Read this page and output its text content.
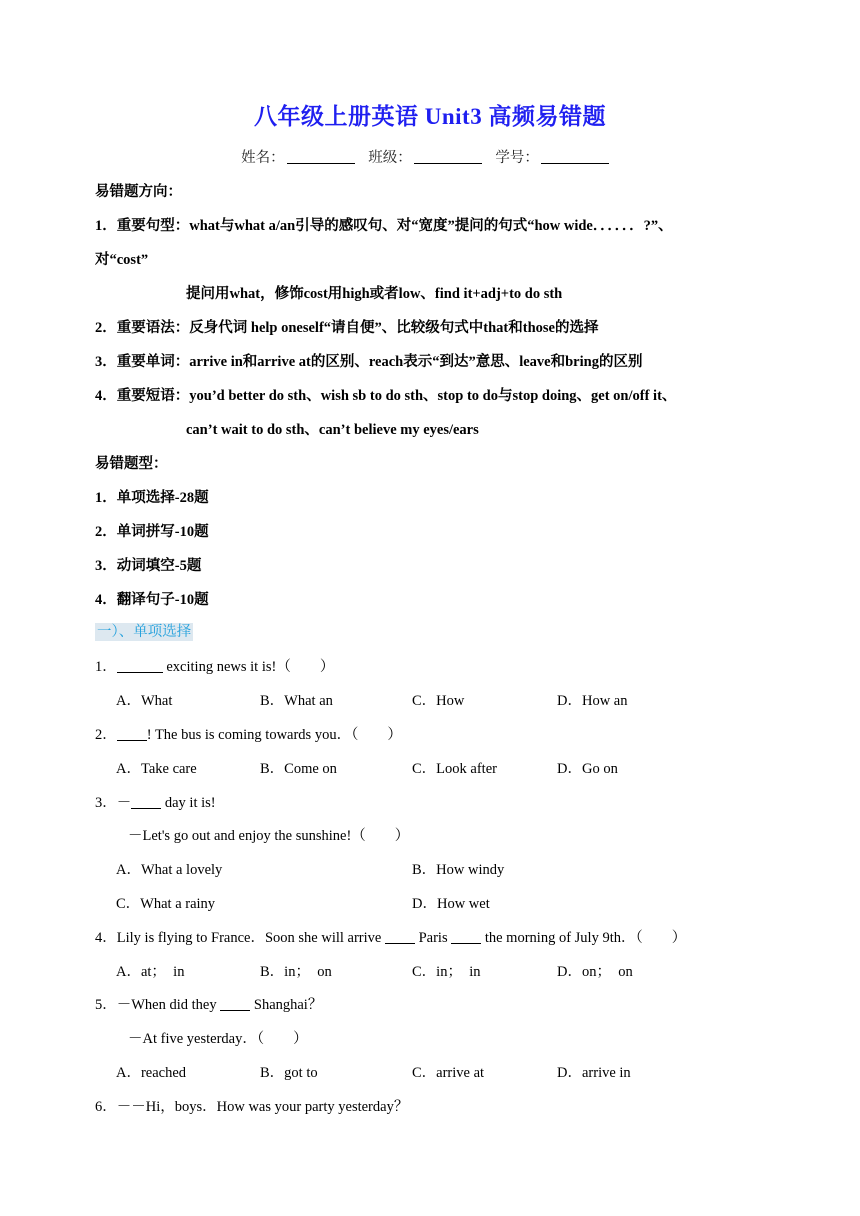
八年级上册英语 Unit3 高频易错题
姓名：	班级：	学号：
易错题方向：
1．重要句型：what与what a/an引导的感叹句、对“宽度”提问的句式“how wide．．．．．．?”、
对“cost”
提问用what，修饰cost用high或者low、find it+adj+to do sth
2．重要语法：反身代词 help oneself“请自便”、比较级句式中that和those的选择
3．重要单词：arrive in和arrive at的区别、reach表示“到达”意思、leave和bring的区别
4．重要短语：you’d better do sth、wish sb to do sth、stop to do与stop doing、get on/off it、
can’t wait to do sth、can’t believe my eyes/ears
易错题型：
1．单项选择-28题
2．单词拼写-10题
3．动词填空-5题
4．翻译句子-10题
一）、单项选择
1．	exciting news it is!（　　）
A．What	B．What an	C．How	D．How an
2． ! The bus is coming towards you．（　　）
A．Take care	B．Come on	C．Look after	D．Go on
3．－ day it is!
－Let's go out and enjoy the sunshine!（　　）
A．What a lovely	B．How windy
C．What a rainy	D．How wet
4．Lily is flying to France．Soon she will arrive	Paris	the morning of July 9th．（　　）
A．at；　in	B．in；　on	C．in；　in	D．on；　on
5．－When did they	Shanghai？
－At five yesterday．（　　）
A．reached	B．got to	C．arrive at	D．arrive in
6．－－Hi，boys．How was your party yesterday？
